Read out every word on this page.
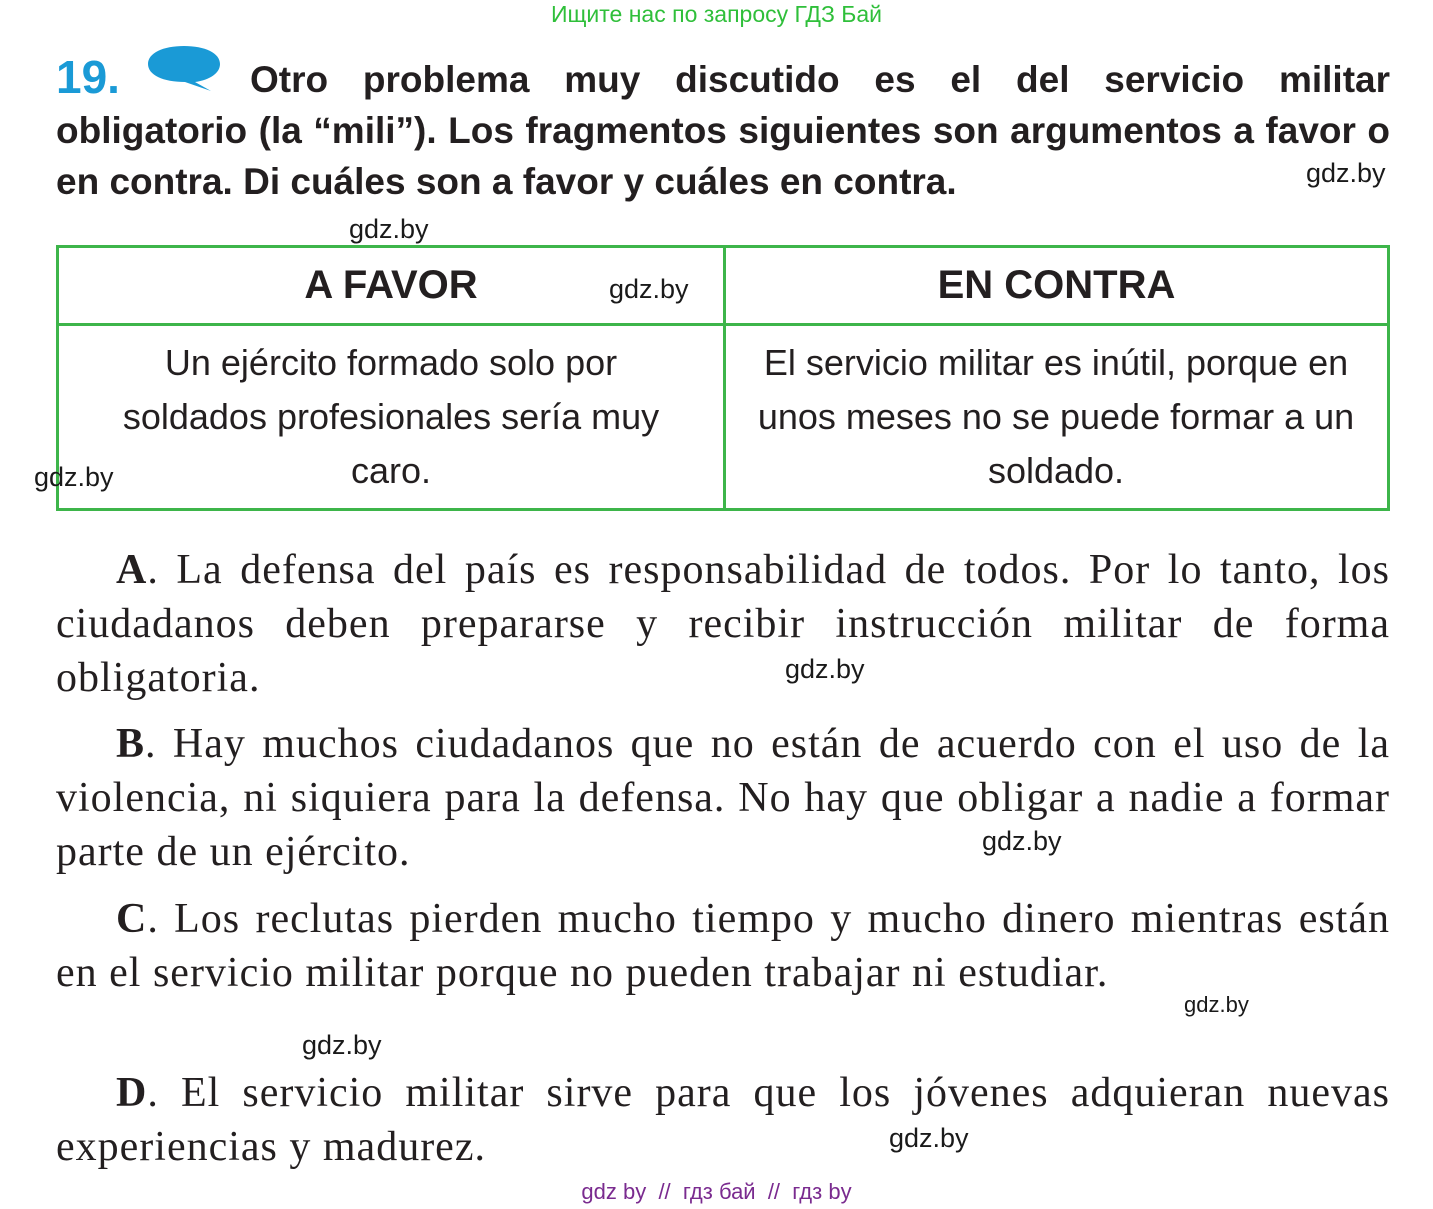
Ищите нас по запросу ГДЗ Бай
19.	Otro problema muy discutido es el del servicio militar obligatorio (la “mili”). Los fragmentos siguientes son argumentos a favor o en contra. Di cuáles son a favor y cuáles en contra.

A FAVOR	EN CONTRA
Un ejército formado solo por soldados profesionales sería muy caro.
El servicio militar es inútil, porque en unos meses no se puede formar a un soldado.

A. La defensa del país es responsabilidad de todos. Por lo tanto, los ciudadanos deben prepararse y recibir instrucción militar de forma obligatoria.

B. Hay muchos ciudadanos que no están de acuerdo con el uso de la violencia, ni siquiera para la defensa. No hay que obligar a nadie a formar parte de un ejército.

C. Los reclutas pierden mucho tiempo y mucho dinero mientras están en el servicio militar porque no pueden trabajar ni estudiar.

D. El servicio militar sirve para que los jóvenes adquieran nuevas experiencias y madurez.

gdz.by
gdz.by
gdz.by
gdz.by
gdz.by
gdz.by
gdz.by
gdz.by
gdz.by
gdz by  //  гдз бай  //  гдз by
